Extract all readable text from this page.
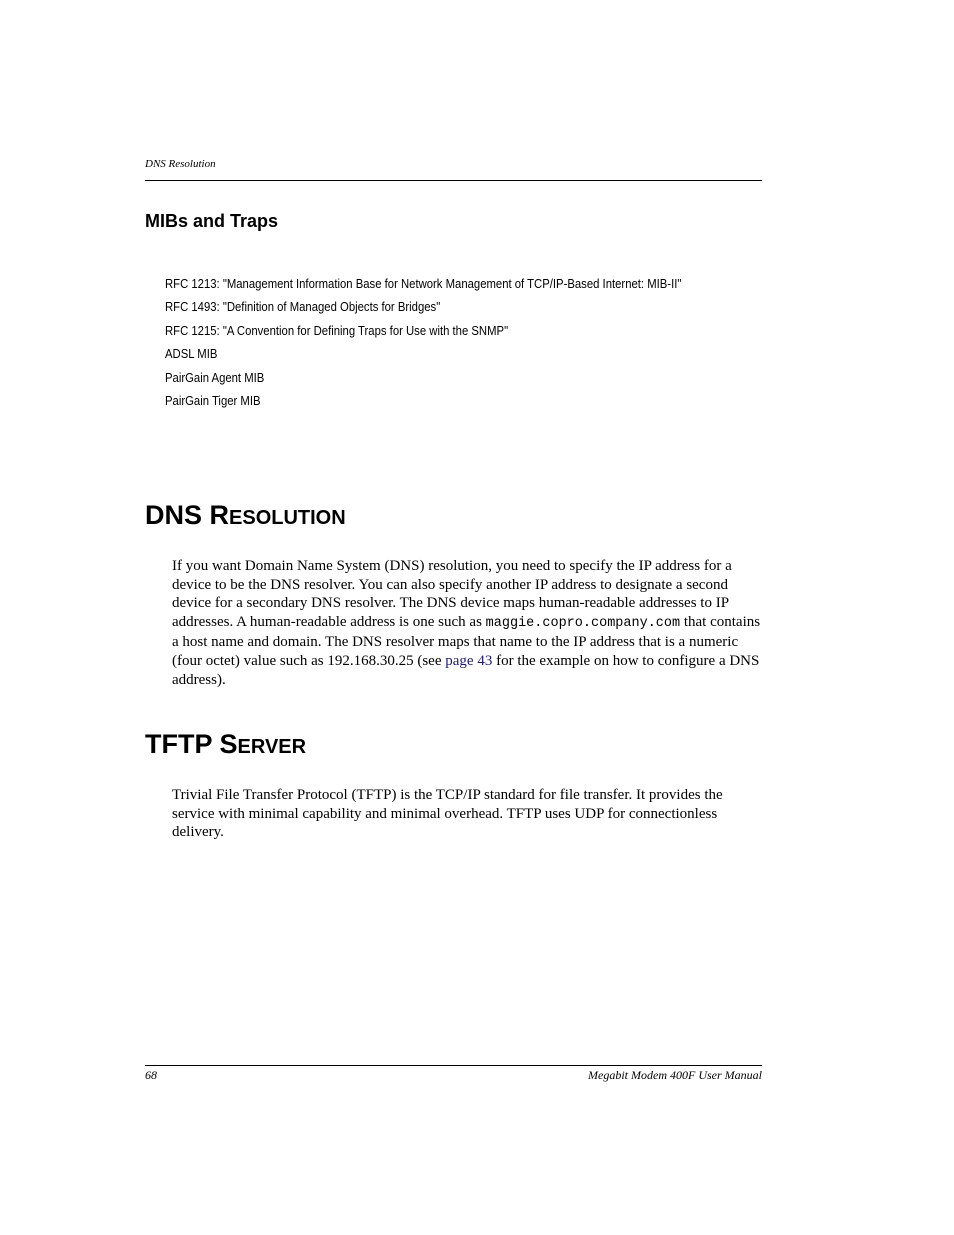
DNS Resolution
MIBs and Traps
RFC 1213: "Management Information Base for Network Management of TCP/IP-Based Internet: MIB-II"
RFC 1493: "Definition of Managed Objects for Bridges"
RFC 1215: "A Convention for Defining Traps for Use with the SNMP"
ADSL MIB
PairGain Agent MIB
PairGain Tiger MIB
DNS RESOLUTION

If you want Domain Name System (DNS) resolution, you need to specify the IP address for a device to be the DNS resolver. You can also specify another IP address to designate a second device for a secondary DNS resolver. The DNS device maps human-readable addresses to IP addresses. A human-readable address is one such as maggie.copro.company.com that contains a host name and domain. The DNS resolver maps that name to the IP address that is a numeric (four octet) value such as 192.168.30.25 (see page 43 for the example on how to configure a DNS address).

TFTP SERVER

Trivial File Transfer Protocol (TFTP) is the TCP/IP standard for file transfer. It provides the service with minimal capability and minimal overhead. TFTP uses UDP for connectionless delivery.

68	Megabit Modem 400F User Manual
